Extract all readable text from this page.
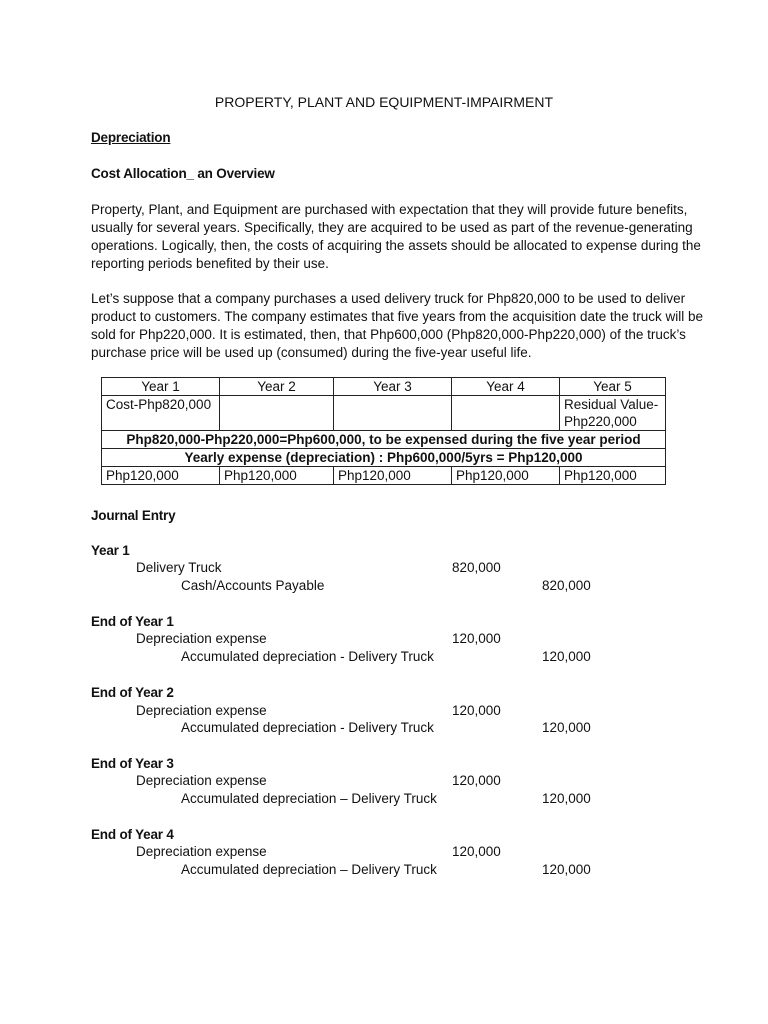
PROPERTY, PLANT AND EQUIPMENT-IMPAIRMENT
Depreciation
Cost Allocation_ an Overview
Property, Plant, and Equipment are purchased with expectation that they will provide future benefits,
usually for several years. Specifically, they are acquired to be used as part of the revenue-generating
operations. Logically, then, the costs of acquiring the assets should be allocated to expense during the
reporting periods benefited by their use.
Let’s suppose that a company purchases a used delivery truck for Php820,000 to be used to deliver
product to customers. The company estimates that five years from the acquisition date the truck will be
sold for Php220,000. It is estimated, then, that Php600,000 (Php820,000-Php220,000) of the truck’s
purchase price will be used up (consumed) during the five-year useful life.
Year 1	Year 2	Year 3	Year 4	Year 5
Cost-Php820,000				Residual Value-
Php220,000
Php820,000-Php220,000=Php600,000, to be expensed during the five year period				
Yearly expense (depreciation) : Php600,000/5yrs = Php120,000				
Php120,000	Php120,000	Php120,000	Php120,000	Php120,000
Journal Entry
Year 1
Delivery Truck	820,000
Cash/Accounts Payable	820,000
End of Year 1
Depreciation expense	120,000
Accumulated depreciation - Delivery Truck	120,000
End of Year 2
Depreciation expense	120,000
Accumulated depreciation - Delivery Truck	120,000
End of Year 3
Depreciation expense	120,000
Accumulated depreciation – Delivery Truck	120,000
End of Year 4
Depreciation expense	120,000
Accumulated depreciation – Delivery Truck	120,000
